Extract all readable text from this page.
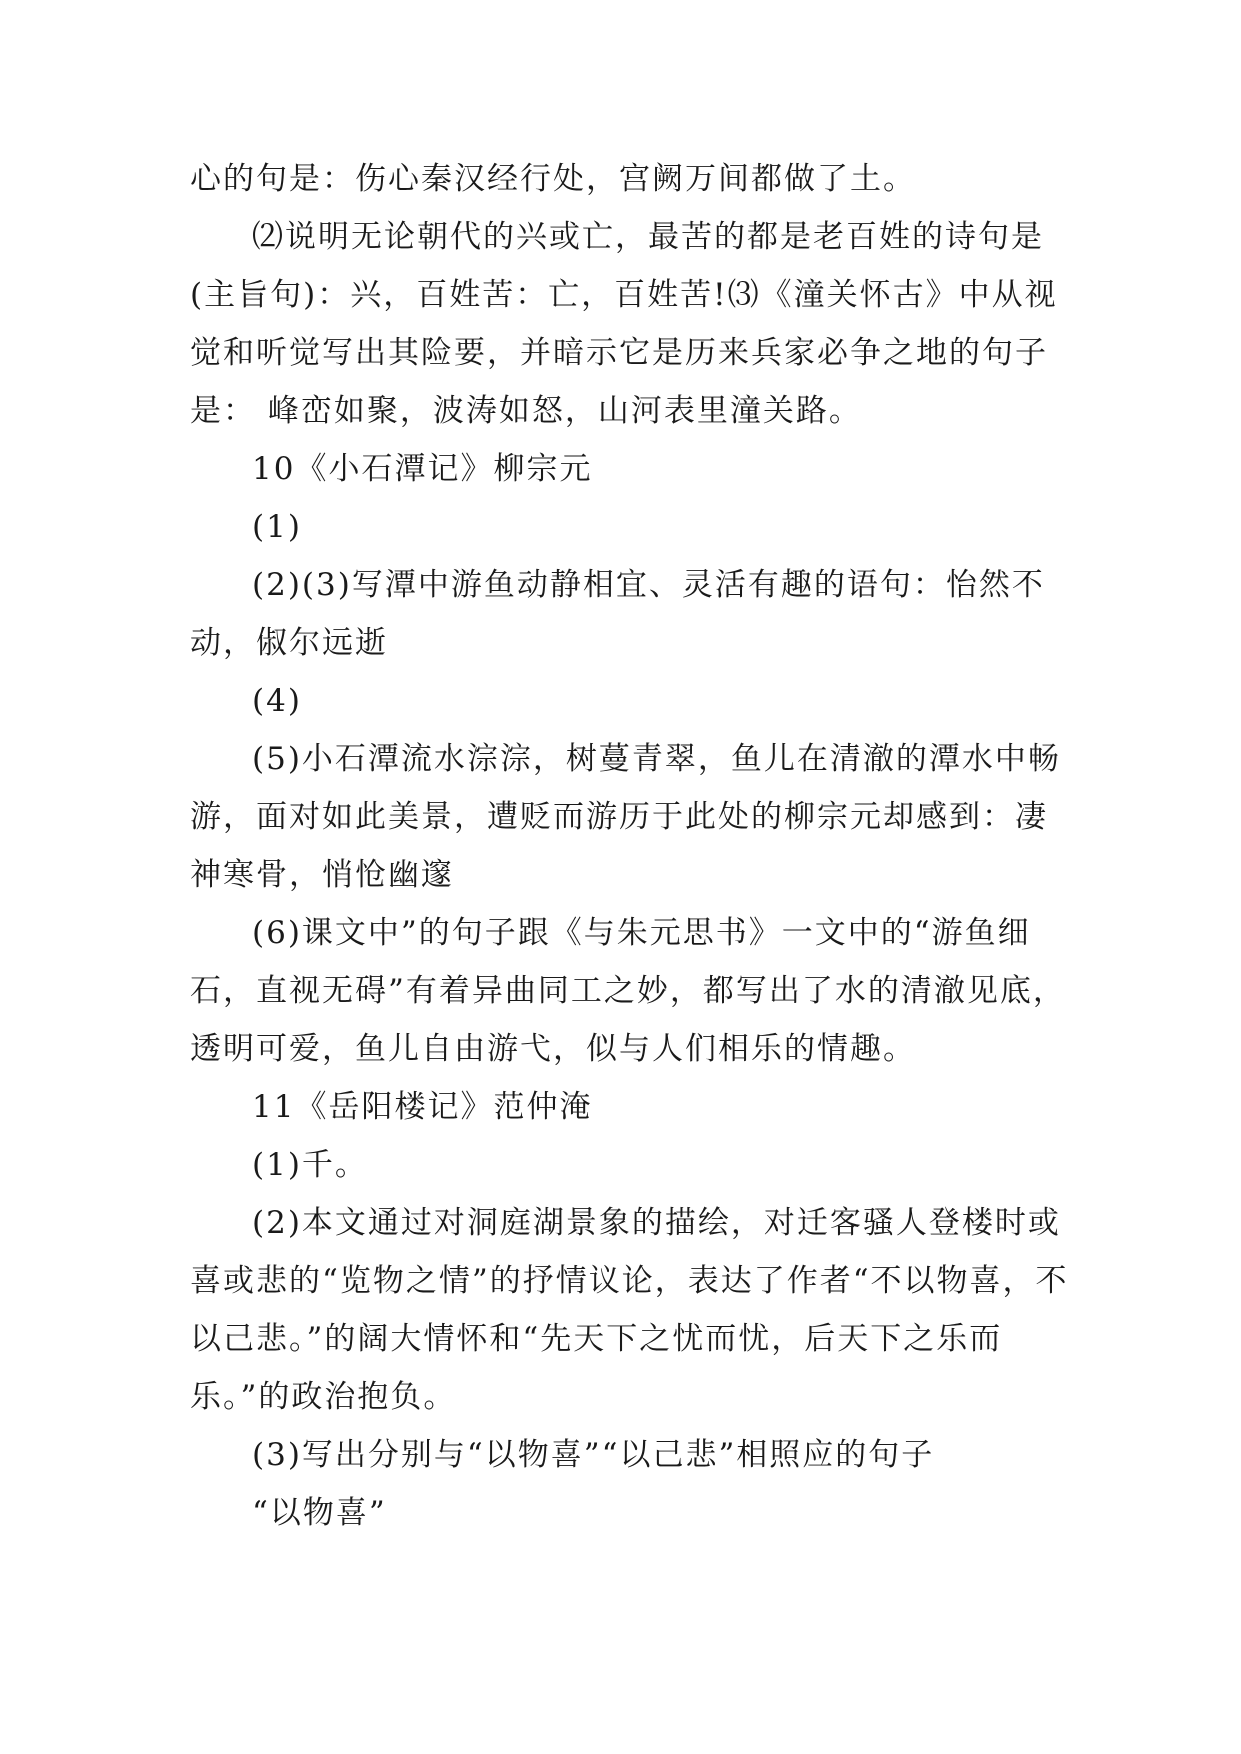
心的句是：伤心秦汉经行处，宫阙万间都做了土。

⑵说明无论朝代的兴或亡，最苦的都是老百姓的诗句是(主旨句)：兴，百姓苦：亡，百姓苦!⑶《潼关怀古》中从视觉和听觉写出其险要，并暗示它是历来兵家必争之地的句子是： 峰峦如聚，波涛如怒，山河表里潼关路。

10《小石潭记》柳宗元

(1)

(2)(3)写潭中游鱼动静相宜、灵活有趣的语句：怡然不动，俶尔远逝

(4)

(5)小石潭流水淙淙，树蔓青翠，鱼儿在清澈的潭水中畅游，面对如此美景，遭贬而游历于此处的柳宗元却感到：凄神寒骨，悄怆幽邃

(6)课文中”的句子跟《与朱元思书》一文中的“游鱼细石，直视无碍”有着异曲同工之妙，都写出了水的清澈见底，透明可爱，鱼儿自由游弋，似与人们相乐的情趣。

11《岳阳楼记》范仲淹

(1)千。

(2)本文通过对洞庭湖景象的描绘，对迁客骚人登楼时或喜或悲的“览物之情”的抒情议论，表达了作者“不以物喜，不以己悲。”的阔大情怀和“先天下之忧而忧，后天下之乐而乐。”的政治抱负。

(3)写出分别与“以物喜”“以己悲”相照应的句子

“以物喜”
